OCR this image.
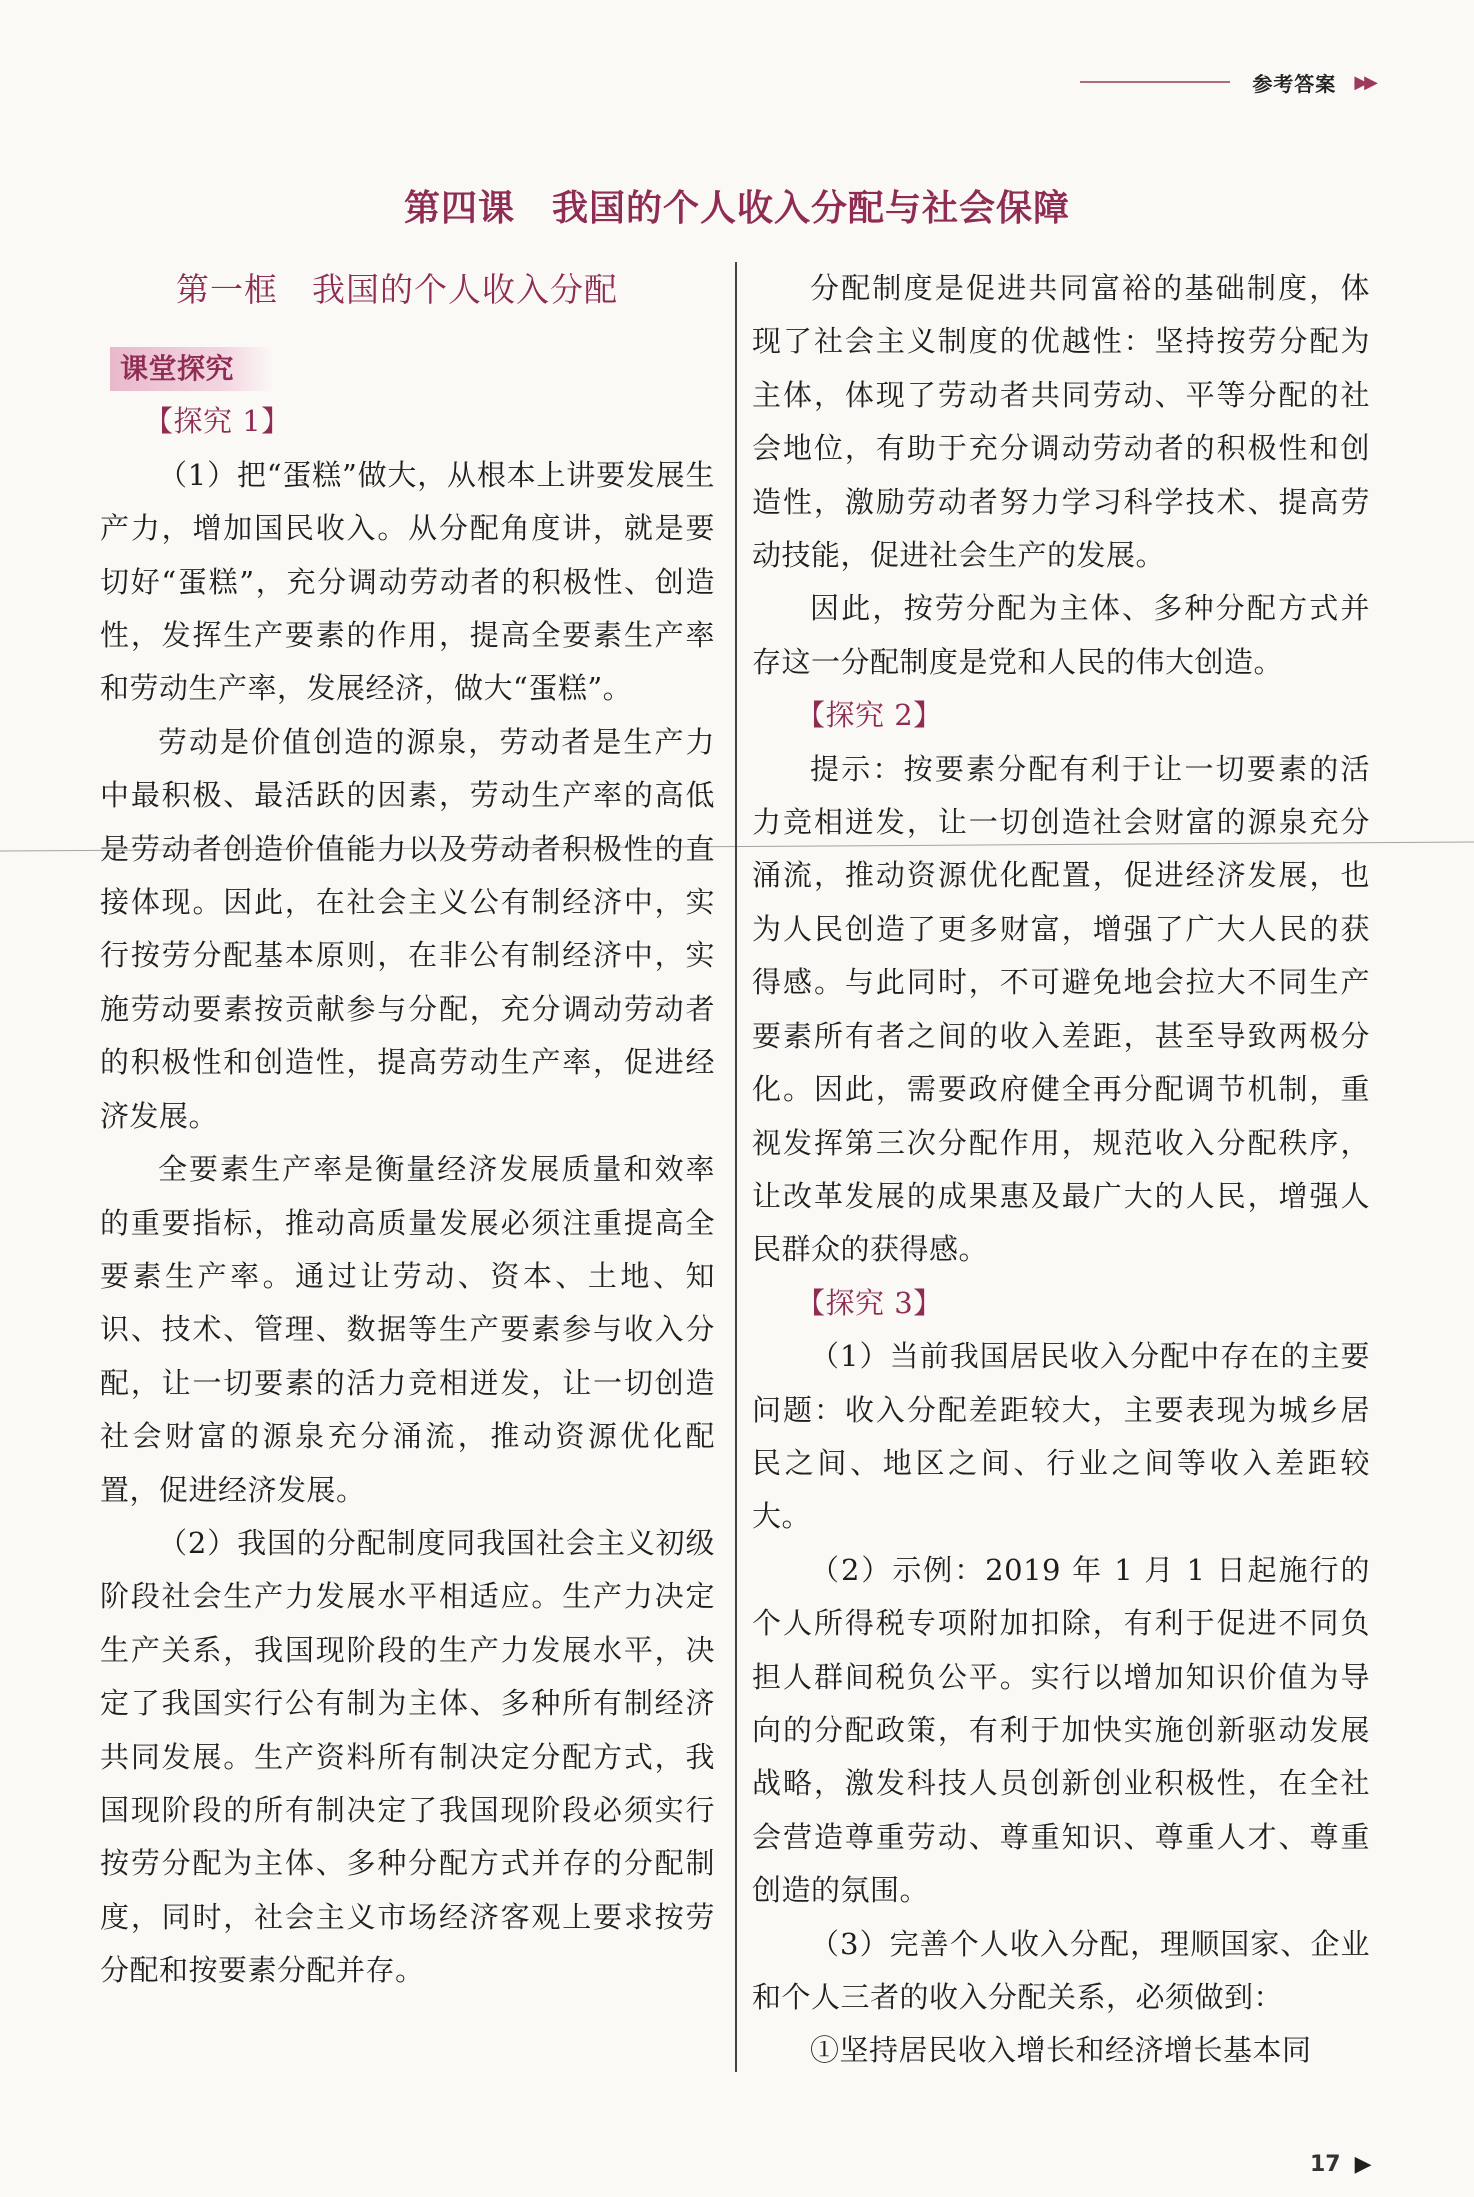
参考答案 ▶▶
第四课　我国的个人收入分配与社会保障
第一框　我国的个人收入分配
课堂探究
【探究 1】

（1）把“蛋糕”做大，从根本上讲要发展生产力，增加国民收入。从分配角度讲，就是要切好“蛋糕”，充分调动劳动者的积极性、创造性，发挥生产要素的作用，提高全要素生产率和劳动生产率，发展经济，做大“蛋糕”。

劳动是价值创造的源泉，劳动者是生产力中最积极、最活跃的因素，劳动生产率的高低是劳动者创造价值能力以及劳动者积极性的直接体现。因此，在社会主义公有制经济中，实行按劳分配基本原则，在非公有制经济中，实施劳动要素按贡献参与分配，充分调动劳动者的积极性和创造性，提高劳动生产率，促进经济发展。

全要素生产率是衡量经济发展质量和效率的重要指标，推动高质量发展必须注重提高全要素生产率。通过让劳动、资本、土地、知识、技术、管理、数据等生产要素参与收入分配，让一切要素的活力竞相迸发，让一切创造社会财富的源泉充分涌流，推动资源优化配置，促进经济发展。

（2）我国的分配制度同我国社会主义初级阶段社会生产力发展水平相适应。生产力决定生产关系，我国现阶段的生产力发展水平，决定了我国实行公有制为主体、多种所有制经济共同发展。生产资料所有制决定分配方式，我国现阶段的所有制决定了我国现阶段必须实行按劳分配为主体、多种分配方式并存的分配制度，同时，社会主义市场经济客观上要求按劳分配和按要素分配并存。

分配制度是促进共同富裕的基础制度，体现了社会主义制度的优越性：坚持按劳分配为主体，体现了劳动者共同劳动、平等分配的社会地位，有助于充分调动劳动者的积极性和创造性，激励劳动者努力学习科学技术、提高劳动技能，促进社会生产的发展。

因此，按劳分配为主体、多种分配方式并存这一分配制度是党和人民的伟大创造。

【探究 2】

提示：按要素分配有利于让一切要素的活力竞相迸发，让一切创造社会财富的源泉充分涌流，推动资源优化配置，促进经济发展，也为人民创造了更多财富，增强了广大人民的获得感。与此同时，不可避免地会拉大不同生产要素所有者之间的收入差距，甚至导致两极分化。因此，需要政府健全再分配调节机制，重视发挥第三次分配作用，规范收入分配秩序，让改革发展的成果惠及最广大的人民，增强人民群众的获得感。

【探究 3】

（1）当前我国居民收入分配中存在的主要问题：收入分配差距较大，主要表现为城乡居民之间、地区之间、行业之间等收入差距较大。

（2）示例：2019 年 1 月 1 日起施行的个人所得税专项附加扣除，有利于促进不同负担人群间税负公平。实行以增加知识价值为导向的分配政策，有利于加快实施创新驱动发展战略，激发科技人员创新创业积极性，在全社会营造尊重劳动、尊重知识、尊重人才、尊重创造的氛围。

（3）完善个人收入分配，理顺国家、企业和个人三者的收入分配关系，必须做到：

①坚持居民收入增长和经济增长基本同

17 ▶
